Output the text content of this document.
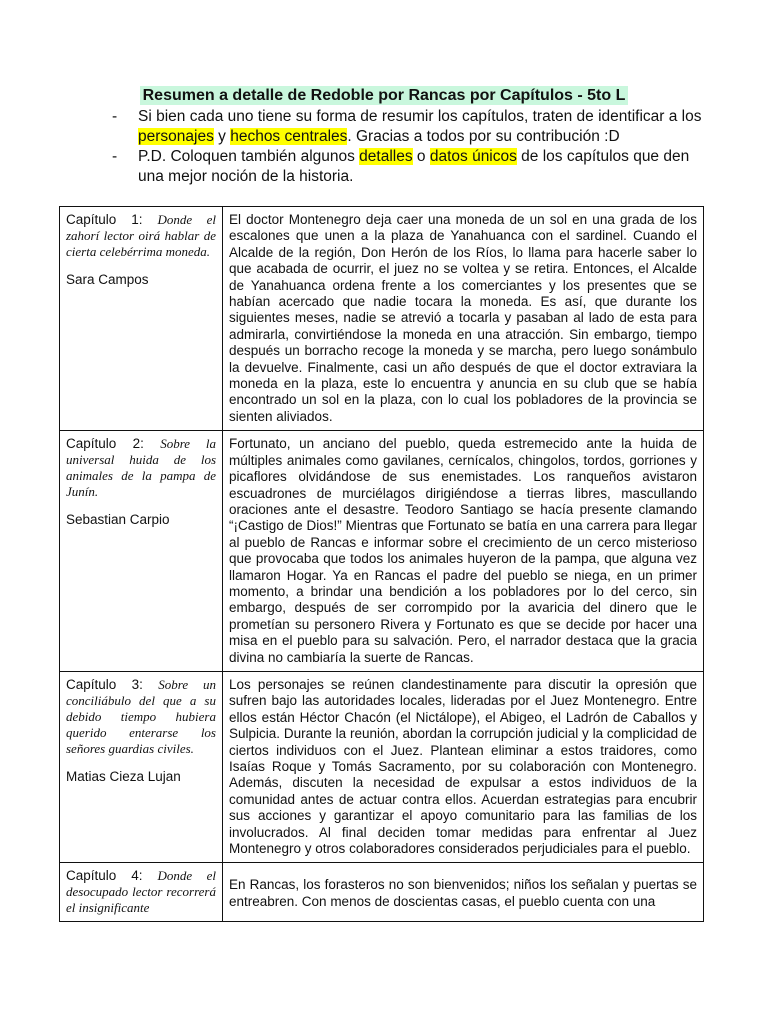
Resumen a detalle de Redoble por Rancas por Capítulos - 5to L
- Si bien cada uno tiene su forma de resumir los capítulos, traten de identificar a los personajes y hechos centrales. Gracias a todos por su contribución :D
- P.D. Coloquen también algunos detalles o datos únicos de los capítulos que den una mejor noción de la historia.
Capítulo 1: Donde el zahorí lector oirá hablar de cierta celebérrima moneda.
Sara Campos	El doctor Montenegro deja caer una moneda de un sol en una grada de los escalones que unen a la plaza de Yanahuanca con el sardinel. Cuando el Alcalde de la región, Don Herón de los Ríos, lo llama para hacerle saber lo que acabada de ocurrir, el juez no se voltea y se retira. Entonces, el Alcalde de Yanahuanca ordena frente a los comerciantes y los presentes que se habían acercado que nadie tocara la moneda. Es así, que durante los siguientes meses, nadie se atrevió a tocarla y pasaban al lado de esta para admirarla, convirtiéndose la moneda en una atracción. Sin embargo, tiempo después un borracho recoge la moneda y se marcha, pero luego sonámbulo la devuelve. Finalmente, casi un año después de que el doctor extraviara la moneda en la plaza, este lo encuentra y anuncia en su club que se había encontrado un sol en la plaza, con lo cual los pobladores de la provincia se sienten aliviados.

Capítulo 2: Sobre la universal huida de los animales de la pampa de Junín.
Sebastian Carpio	Fortunato, un anciano del pueblo, queda estremecido ante la huida de múltiples animales como gavilanes, cernícalos, chingolos, tordos, gorriones y picaflores olvidándose de sus enemistades. Los ranqueños avistaron escuadrones de murciélagos dirigiéndose a tierras libres, mascullando oraciones ante el desastre. Teodoro Santiago se hacía presente clamando “¡Castigo de Dios!” Mientras que Fortunato se batía en una carrera para llegar al pueblo de Rancas e informar sobre el crecimiento de un cerco misterioso que provocaba que todos los animales huyeron de la pampa, que alguna vez llamaron Hogar. Ya en Rancas el padre del pueblo se niega, en un primer momento, a brindar una bendición a los pobladores por lo del cerco, sin embargo, después de ser corrompido por la avaricia del dinero que le prometían su personero Rivera y Fortunato es que se decide por hacer una misa en el pueblo para su salvación. Pero, el narrador destaca que la gracia divina no cambiaría la suerte de Rancas.

Capítulo 3: Sobre un conciliábulo del que a su debido tiempo hubiera querido enterarse los señores guardias civiles.
Matias Cieza Lujan	Los personajes se reúnen clandestinamente para discutir la opresión que sufren bajo las autoridades locales, lideradas por el Juez Montenegro. Entre ellos están Héctor Chacón (el Nictálope), el Abigeo, el Ladrón de Caballos y Sulpicia. Durante la reunión, abordan la corrupción judicial y la complicidad de ciertos individuos con el Juez. Plantean eliminar a estos traidores, como Isaías Roque y Tomás Sacramento, por su colaboración con Montenegro. Además, discuten la necesidad de expulsar a estos individuos de la comunidad antes de actuar contra ellos. Acuerdan estrategias para encubrir sus acciones y garantizar el apoyo comunitario para las familias de los involucrados. Al final deciden tomar medidas para enfrentar al Juez Montenegro y otros colaboradores considerados perjudiciales para el pueblo.

Capítulo 4: Donde el desocupado lector recorrerá el insignificante	En Rancas, los forasteros no son bienvenidos; niños los señalan y puertas se entreabren. Con menos de doscientas casas, el pueblo cuenta con una
